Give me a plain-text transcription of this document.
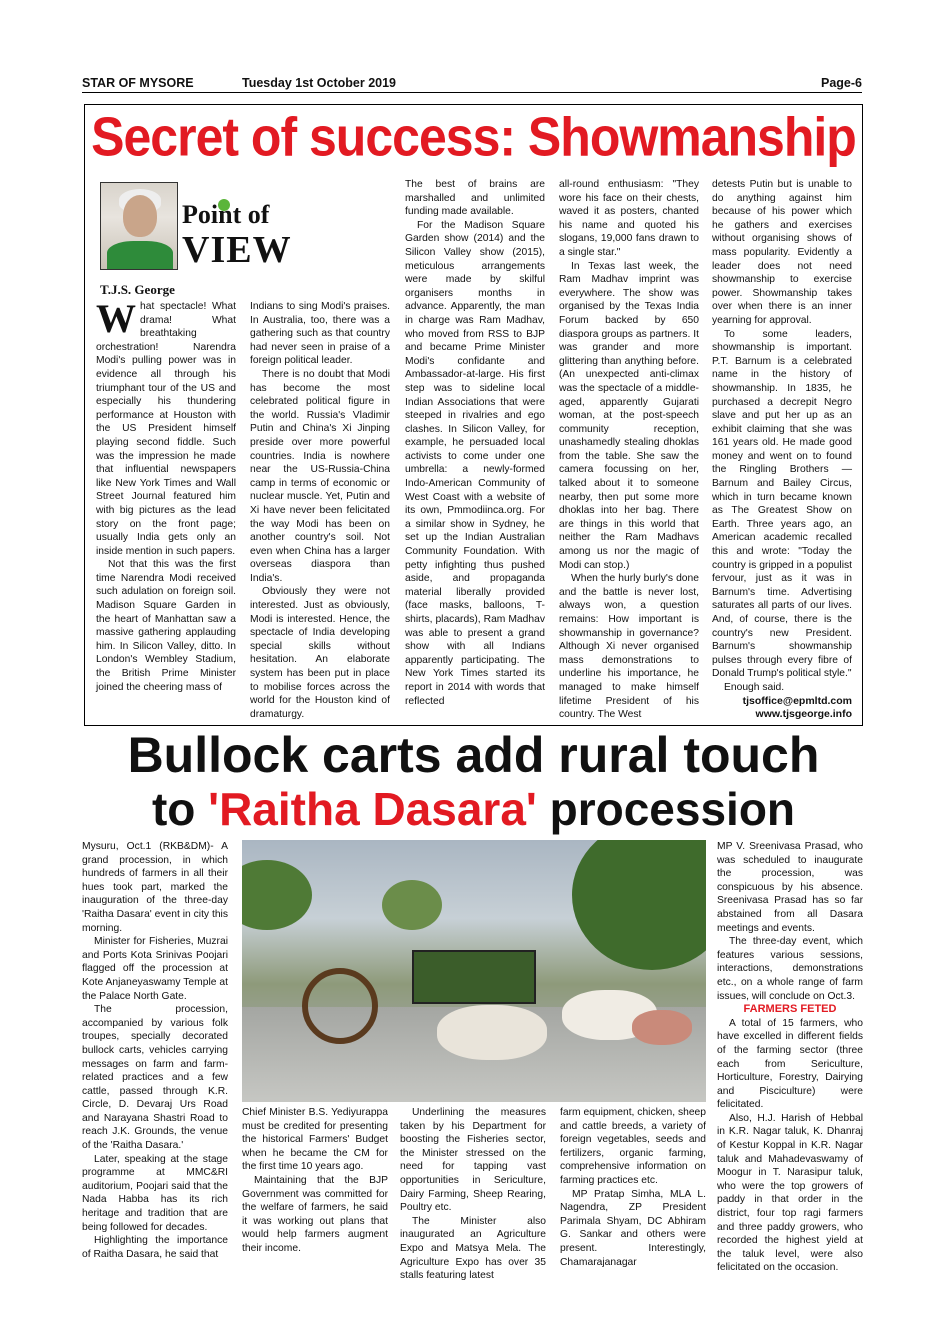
STAR OF MYSORE	Tuesday 1st October 2019	Page-6
Secret of success: Showmanship
Point of
VIEW
T.J.S. George

What spectacle! What drama! What breathtaking orchestration! Narendra Modi's pulling power was in evidence all through his triumphant tour of the US and especially his thundering performance at Houston with the US President himself playing second fiddle. Such was the impression he made that influential newspapers like New York Times and Wall Street Journal featured him with big pictures as the lead story on the front page; usually India gets only an inside mention in such papers.

Not that this was the first time Narendra Modi received such adulation on foreign soil. Madison Square Garden in the heart of Manhattan saw a massive gathering applauding him. In Silicon Valley, ditto. In London's Wembley Stadium, the British Prime Minister joined the cheering mass of

Indians to sing Modi's praises. In Australia, too, there was a gathering such as that country had never seen in praise of a foreign political leader.

There is no doubt that Modi has become the most celebrated political figure in the world. Russia's Vladimir Putin and China's Xi Jinping preside over more powerful countries. India is nowhere near the US-Russia-China camp in terms of economic or nuclear muscle. Yet, Putin and Xi have never been felicitated the way Modi has been on another country's soil. Not even when China has a larger overseas diaspora than India's.

Obviously they were not interested. Just as obviously, Modi is interested. Hence, the spectacle of India developing special skills without hesitation. An elaborate system has been put in place to mobilise forces across the world for the Houston kind of dramaturgy.

The best of brains are marshalled and unlimited funding made available.

For the Madison Square Garden show (2014) and the Silicon Valley show (2015), meticulous arrangements were made by skilful organisers months in advance. Apparently, the man in charge was Ram Madhav, who moved from RSS to BJP and became Prime Minister Modi's confidante and Ambassador-at-large. His first step was to sideline local Indian Associations that were steeped in rivalries and ego clashes. In Silicon Valley, for example, he persuaded local activists to come under one umbrella: a newly-formed Indo-American Community of West Coast with a website of its own, Pmmodiinca.org. For a similar show in Sydney, he set up the Indian Australian Community Foundation. With petty infighting thus pushed aside, and propaganda material liberally provided (face masks, balloons, T-shirts, placards), Ram Madhav was able to present a grand show with all Indians apparently participating. The New York Times started its report in 2014 with words that reflected

all-round enthusiasm: "They wore his face on their chests, waved it as posters, chanted his name and quoted his slogans, 19,000 fans drawn to a single star."

In Texas last week, the Ram Madhav imprint was everywhere. The show was organised by the Texas India Forum backed by 650 diaspora groups as partners. It was grander and more glittering than anything before. (An unexpected anti-climax was the spectacle of a middle-aged, apparently Gujarati woman, at the post-speech community reception, unashamedly stealing dhoklas from the table. She saw the camera focussing on her, talked about it to someone nearby, then put some more dhoklas into her bag. There are things in this world that neither the Ram Madhavs among us nor the magic of Modi can stop.)

When the hurly burly's done and the battle is never lost, always won, a question remains: How important is showmanship in governance? Although Xi never organised mass demonstrations to underline his importance, he managed to make himself lifetime President of his country. The West

detests Putin but is unable to do anything against him because of his power which he gathers and exercises without organising shows of mass popularity. Evidently a leader does not need showmanship to exercise power. Showmanship takes over when there is an inner yearning for approval.

To some leaders, showmanship is important. P.T. Barnum is a celebrated name in the history of showmanship. In 1835, he purchased a decrepit Negro slave and put her up as an exhibit claiming that she was 161 years old. He made good money and went on to found the Ringling Brothers — Barnum and Bailey Circus, which in turn became known as The Greatest Show on Earth. Three years ago, an American academic recalled this and wrote: "Today the country is gripped in a populist fervour, just as it was in Barnum's time. Advertising saturates all parts of our lives. And, of course, there is the country's new President. Barnum's showmanship pulses through every fibre of Donald Trump's political style."

Enough said.

tjsoffice@epmltd.com

www.tjsgeorge.info

Bullock carts add rural touch
to 'Raitha Dasara' procession

Mysuru, Oct.1 (RKB&DM)- A grand procession, in which hundreds of farmers in all their hues took part, marked the inauguration of the three-day 'Raitha Dasara' event in city this morning.

Minister for Fisheries, Muzrai and Ports Kota Srinivas Poojari flagged off the procession at Kote Anjaneyaswamy Temple at the Palace North Gate.

The procession, accompanied by various folk troupes, specially decorated bullock carts, vehicles carrying messages on farm and farm-related practices and a few cattle, passed through K.R. Circle, D. Devaraj Urs Road and Narayana Shastri Road to reach J.K. Grounds, the venue of the 'Raitha Dasara.'

Later, speaking at the stage programme at MMC&RI auditorium, Poojari said that the Nada Habba has its rich heritage and tradition that are being followed for decades.

Highlighting the importance of Raitha Dasara, he said that

Chief Minister B.S. Yediyurappa must be credited for presenting the historical Farmers' Budget when he became the CM for the first time 10 years ago.

Maintaining that the BJP Government was committed for the welfare of farmers, he said it was working out plans that would help farmers augment their income.

Underlining the measures taken by his Department for boosting the Fisheries sector, the Minister stressed on the need for tapping vast opportunities in Sericulture, Dairy Farming, Sheep Rearing, Poultry etc.

The Minister also inaugurated an Agriculture Expo and Matsya Mela. The Agriculture Expo has over 35 stalls featuring latest

farm equipment, chicken, sheep and cattle breeds, a variety of foreign vegetables, seeds and fertilizers, organic farming, comprehensive information on farming practices etc.

MP Pratap Simha, MLA L. Nagendra, ZP President Parimala Shyam, DC Abhiram G. Sankar and others were present. Interestingly, Chamarajanagar

MP V. Sreenivasa Prasad, who was scheduled to inaugurate the procession, was conspicuous by his absence. Sreenivasa Prasad has so far abstained from all Dasara meetings and events.

The three-day event, which features various sessions, interactions, demonstrations etc., on a whole range of farm issues, will conclude on Oct.3.

FARMERS FETED

A total of 15 farmers, who have excelled in different fields of the farming sector (three each from Sericulture, Horticulture, Forestry, Dairying and Pisciculture) were felicitated.

Also, H.J. Harish of Hebbal in K.R. Nagar taluk, K. Dhanraj of Kestur Koppal in K.R. Nagar taluk and Mahadevaswamy of Moogur in T. Narasipur taluk, who were the top growers of paddy in that order in the district, four top ragi farmers and three paddy growers, who recorded the highest yield at the taluk level, were also felicitated on the occasion.
